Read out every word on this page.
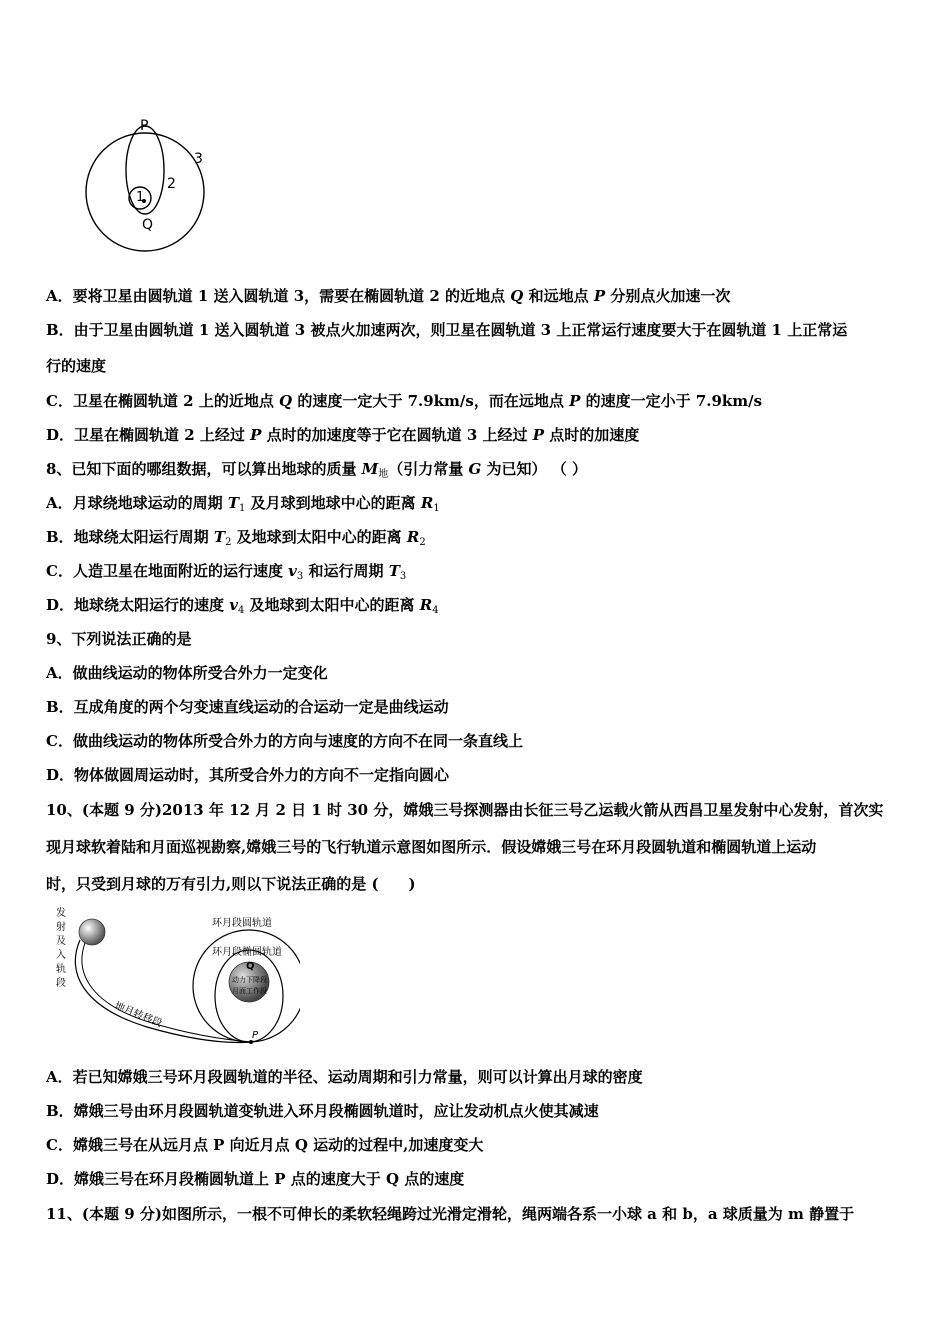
P
Q
1
2
3
A．要将卫星由圆轨道 1 送入圆轨道 3，需要在椭圆轨道 2 的近地点 Q 和远地点 P 分别点火加速一次
B．由于卫星由圆轨道 1 送入圆轨道 3 被点火加速两次，则卫星在圆轨道 3 上正常运行速度要大于在圆轨道 1 上正常运
行的速度
C．卫星在椭圆轨道 2 上的近地点 Q 的速度一定大于 7.9km/s，而在远地点 P 的速度一定小于 7.9km/s
D．卫星在椭圆轨道 2 上经过 P 点时的加速度等于它在圆轨道 3 上经过 P 点时的加速度
8、已知下面的哪组数据，可以算出地球的质量 $M_地$（引力常量 G 为已知） （ ）
A．月球绕地球运动的周期 $T_1$ 及月球到地球中心的距离 $R_1$
B．地球绕太阳运行周期 $T_2$ 及地球到太阳中心的距离 $R_2$
C．人造卫星在地面附近的运行速度 $v_3$ 和运行周期 $T_3$
D．地球绕太阳运行的速度 $v_4$ 及地球到太阳中心的距离 $R_4$
9、下列说法正确的是
A．做曲线运动的物体所受合外力一定变化
B．互成角度的两个匀变速直线运动的合运动一定是曲线运动
C．做曲线运动的物体所受合外力的方向与速度的方向不在同一条直线上
D．物体做圆周运动时，其所受合外力的方向不一定指向圆心
10、(本题 9 分)2013 年 12 月 2 日 1 时 30 分，嫦娥三号探测器由长征三号乙运载火箭从西昌卫星发射中心发射，首次实
现月球软着陆和月面巡视勘察,嫦娥三号的飞行轨道示意图如图所示．假设嫦娥三号在环月段圆轨道和椭圆轨道上运动
时，只受到月球的万有引力,则以下说法正确的是 (　　)
发
射
及
入
轨
段
地月转移段
环月段圆轨道
环月段椭圆轨道
Q
动力下降段
月面工作段
P
A．若已知嫦娥三号环月段圆轨道的半径、运动周期和引力常量，则可以计算出月球的密度
B．嫦娥三号由环月段圆轨道变轨进入环月段椭圆轨道时，应让发动机点火使其减速
C．嫦娥三号在从远月点 P 向近月点 Q 运动的过程中,加速度变大
D．嫦娥三号在环月段椭圆轨道上 P 点的速度大于 Q 点的速度
11、(本题 9 分)如图所示，一根不可伸长的柔软轻绳跨过光滑定滑轮，绳两端各系一小球 a 和 b，a 球质量为 m 静置于
